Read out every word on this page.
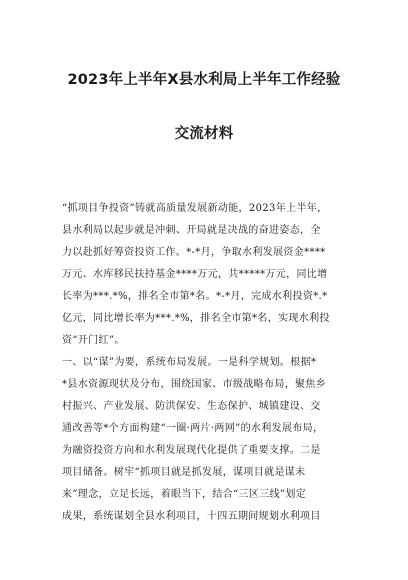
2023年上半年X县水利局上半年工作经验
交流材料
“抓项目争投资”铸就高质量发展新动能，2023年上半年，
县水利局以起步就是冲刺、开局就是决战的奋进姿态，全
力以赴抓好筹资投资工作。*-*月，争取水利发展资金****
万元、水库移民扶持基金****万元，共*****万元，同比增
长率为***.*%，排名全市第*名。*-*月，完成水利投资*.*
亿元，同比增长率为***.*%，排名全市第*名，实现水利投
资“开门红”。
一、以“谋”为要，系统布局发展。一是科学规划。根据*
*县水资源现状及分布，围绕国家、市级战略布局，聚焦乡
村振兴、产业发展、防洪保安、生态保护、城镇建设、交
通改善等*个方面构建“一圈·两片·两网”的水利发展布局，
为融资投资方向和水利发展现代化提供了重要支撑。二是
项目储备。树牢“抓项目就是抓发展，谋项目就是谋未
来”理念，立足长远，着眼当下，结合“三区三线”划定
成果，系统谋划全县水利项目，十四五期间规划水利项目
